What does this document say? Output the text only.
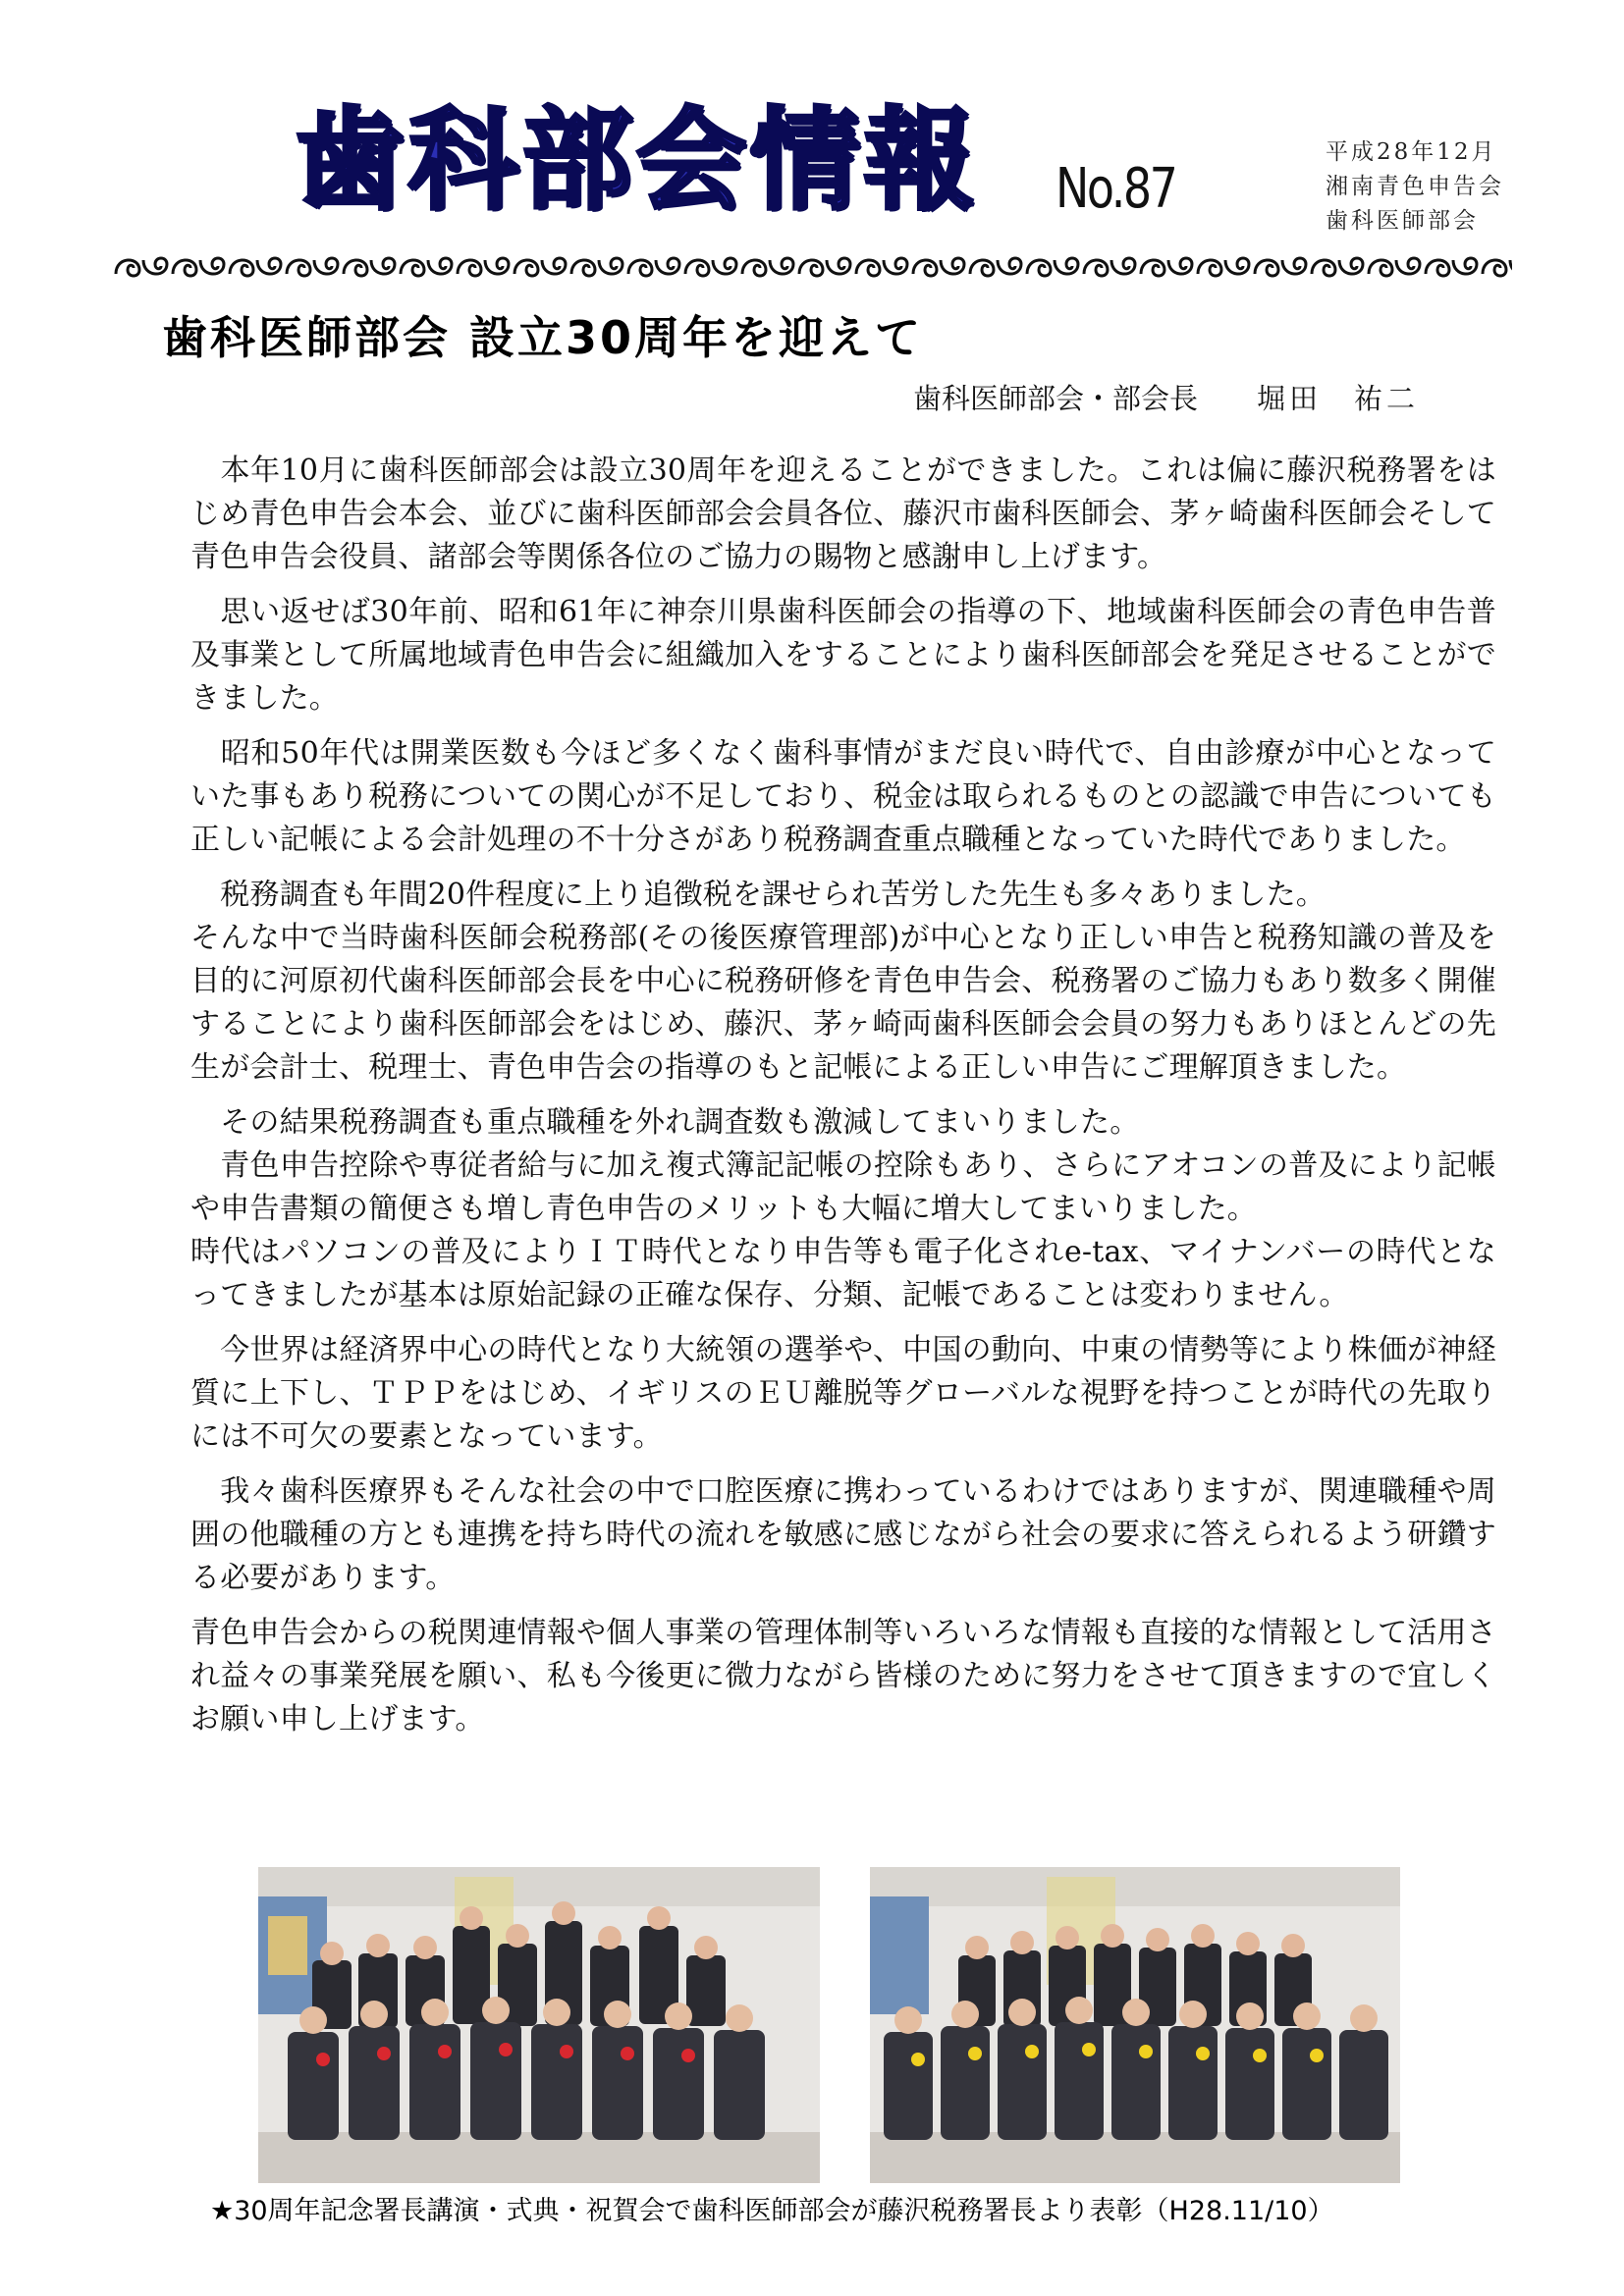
歯科部会情報 No.87
平成28年12月
湘南青色申告会
歯科医師部会
歯科医師部会 設立30周年を迎えて
歯科医師部会・部会長 堀田　祐二

　本年10月に歯科医師部会は設立30周年を迎えることができました。これは偏に藤沢税務署をはじめ青色申告会本会、並びに歯科医師部会会員各位、藤沢市歯科医師会、茅ヶ崎歯科医師会そして青色申告会役員、諸部会等関係各位のご協力の賜物と感謝申し上げます。

　思い返せば30年前、昭和61年に神奈川県歯科医師会の指導の下、地域歯科医師会の青色申告普及事業として所属地域青色申告会に組織加入をすることにより歯科医師部会を発足させることができました。

　昭和50年代は開業医数も今ほど多くなく歯科事情がまだ良い時代で、自由診療が中心となっていた事もあり税務についての関心が不足しており、税金は取られるものとの認識で申告についても正しい記帳による会計処理の不十分さがあり税務調査重点職種となっていた時代でありました。

　税務調査も年間20件程度に上り追徴税を課せられ苦労した先生も多々ありました。

そんな中で当時歯科医師会税務部(その後医療管理部)が中心となり正しい申告と税務知識の普及を目的に河原初代歯科医師部会長を中心に税務研修を青色申告会、税務署のご協力もあり数多く開催することにより歯科医師部会をはじめ、藤沢、茅ヶ崎両歯科医師会会員の努力もありほとんどの先生が会計士、税理士、青色申告会の指導のもと記帳による正しい申告にご理解頂きました。

　その結果税務調査も重点職種を外れ調査数も激減してまいりました。

　青色申告控除や専従者給与に加え複式簿記記帳の控除もあり、さらにアオコンの普及により記帳や申告書類の簡便さも増し青色申告のメリットも大幅に増大してまいりました。

時代はパソコンの普及によりＩＴ時代となり申告等も電子化されe-tax、マイナンバーの時代となってきましたが基本は原始記録の正確な保存、分類、記帳であることは変わりません。

　今世界は経済界中心の時代となり大統領の選挙や、中国の動向、中東の情勢等により株価が神経質に上下し、ＴＰＰをはじめ、イギリスのＥＵ離脱等グローバルな視野を持つことが時代の先取りには不可欠の要素となっています。

　我々歯科医療界もそんな社会の中で口腔医療に携わっているわけではありますが、関連職種や周囲の他職種の方とも連携を持ち時代の流れを敏感に感じながら社会の要求に答えられるよう研鑽する必要があります。

青色申告会からの税関連情報や個人事業の管理体制等いろいろな情報も直接的な情報として活用され益々の事業発展を願い、私も今後更に微力ながら皆様のために努力をさせて頂きますので宜しくお願い申し上げます。

★30周年記念署長講演・式典・祝賀会で歯科医師部会が藤沢税務署長より表彰（H28.11/10）
